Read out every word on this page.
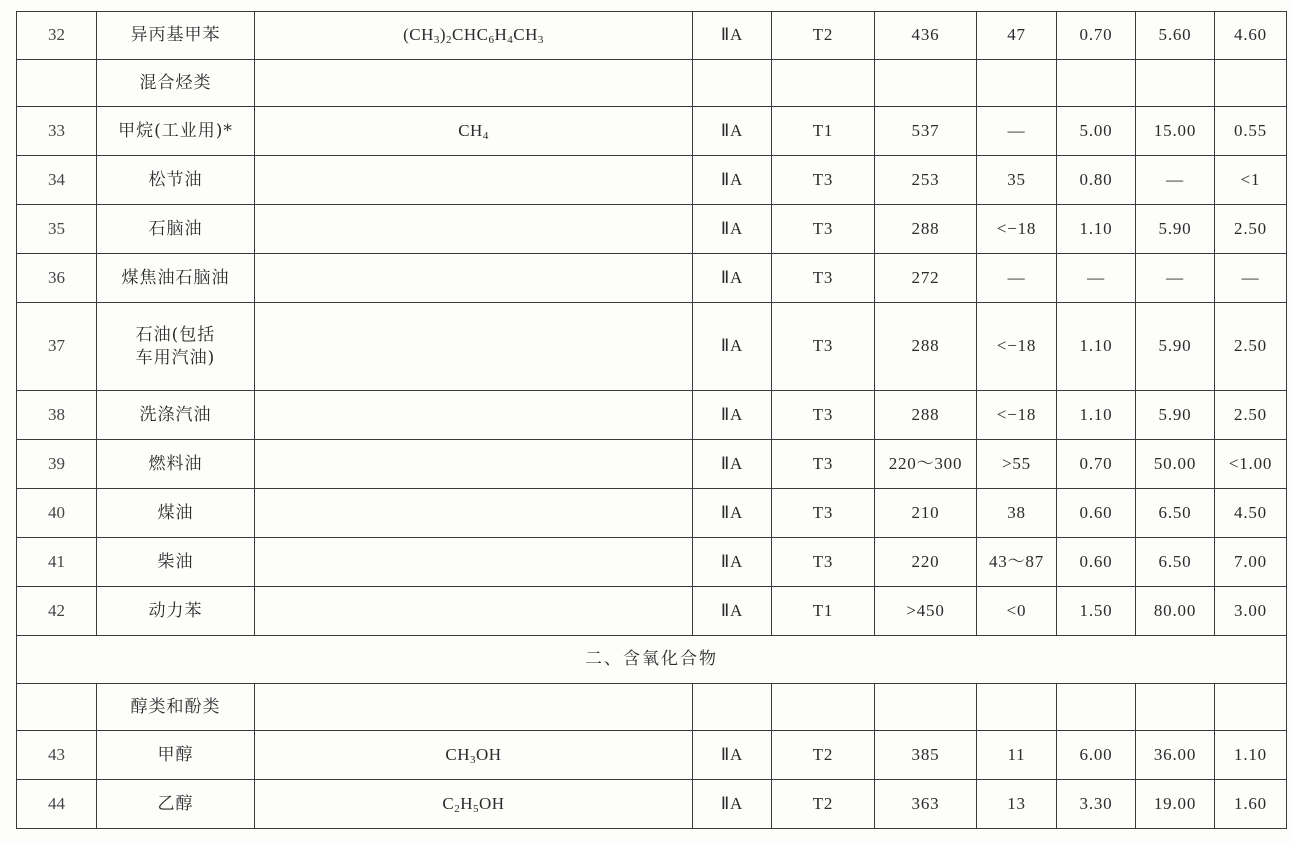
32	异丙基甲苯	$(CH_3)_2CHC_6H_4CH_3$	ⅡA	T2	436	47	0.70	5.60	4.60
	混合烃类								
33	甲烷(工业用)*	$CH_4$	ⅡA	T1	537	—	5.00	15.00	0.55
34	松节油		ⅡA	T3	253	35	0.80	—	<1
35	石脑油		ⅡA	T3	288	<−18	1.10	5.90	2.50
36	煤焦油石脑油		ⅡA	T3	272	—	—	—	—
37	石油(包括
车用汽油)		ⅡA	T3	288	<−18	1.10	5.90	2.50
38	洗涤汽油		ⅡA	T3	288	<−18	1.10	5.90	2.50
39	燃料油		ⅡA	T3	220～300	>55	0.70	50.00	<1.00
40	煤油		ⅡA	T3	210	38	0.60	6.50	4.50
41	柴油		ⅡA	T3	220	43～87	0.60	6.50	7.00
42	动力苯		ⅡA	T1	>450	<0	1.50	80.00	3.00
二、含氧化合物									
	醇类和酚类								
43	甲醇	$CH_3OH$	ⅡA	T2	385	11	6.00	36.00	1.10
44	乙醇	$C_2H_5OH$	ⅡA	T2	363	13	3.30	19.00	1.60
